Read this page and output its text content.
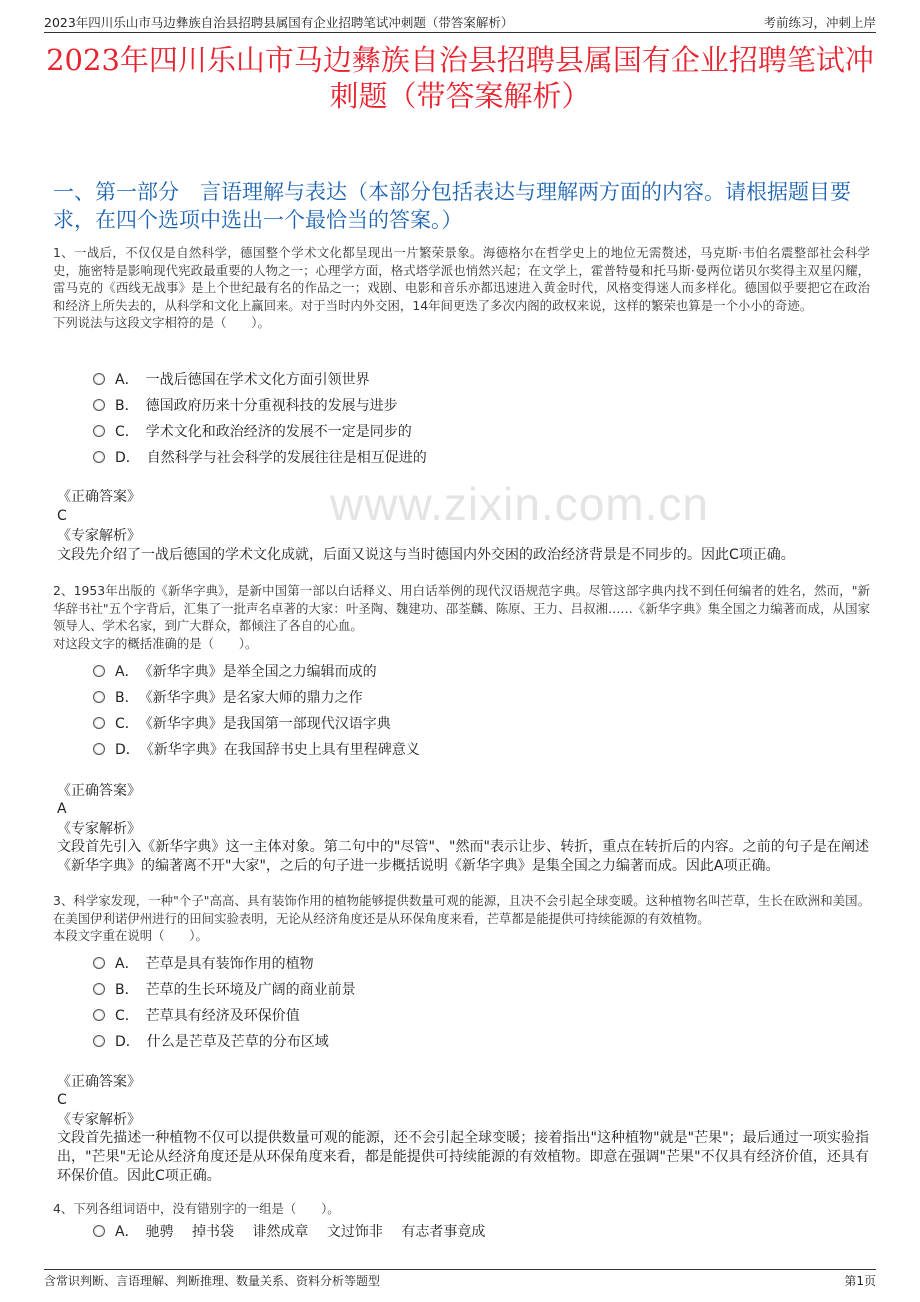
2023年四川乐山市马边彝族自治县招聘县属国有企业招聘笔试冲刺题（带答案解析）	考前练习，冲刺上岸
2023年四川乐山市马边彝族自治县招聘县属国有企业招聘笔试冲刺题（带答案解析）
一、第一部分　言语理解与表达（本部分包括表达与理解两方面的内容。请根据题目要求，在四个选项中选出一个最恰当的答案。）
www.zixin.com.cn
1、一战后，不仅仅是自然科学，德国整个学术文化都呈现出一片繁荣景象。海德格尔在哲学史上的地位无需赘述，马克斯·韦伯名震整部社会科学史，施密特是影响现代宪政最重要的人物之一；心理学方面，格式塔学派也悄然兴起；在文学上，霍普特曼和托马斯·曼两位诺贝尔奖得主双星闪耀，雷马克的《西线无战事》是上个世纪最有名的作品之一；戏剧、电影和音乐亦都迅速进入黄金时代，风格变得迷人而多样化。德国似乎要把它在政治和经济上所失去的，从科学和文化上赢回来。对于当时内外交困，14年间更迭了多次内阁的政权来说，这样的繁荣也算是一个小小的奇迹。
下列说法与这段文字相符的是（　　）。
A．　一战后德国在学术文化方面引领世界
B．　德国政府历来十分重视科技的发展与进步
C．　学术文化和政治经济的发展不一定是同步的
D．　自然科学与社会科学的发展往往是相互促进的
《正确答案》
C
《专家解析》
文段先介绍了一战后德国的学术文化成就，后面又说这与当时德国内外交困的政治经济背景是不同步的。因此C项正确。
2、1953年出版的《新华字典》，是新中国第一部以白话释义、用白话举例的现代汉语规范字典。尽管这部字典内找不到任何编者的姓名，然而，"新华辞书社"五个字背后，汇集了一批声名卓著的大家：叶圣陶、魏建功、邵荃麟、陈原、王力、吕叔湘……《新华字典》集全国之力编著而成，从国家领导人、学术名家，到广大群众，都倾注了各自的心血。
对这段文字的概括准确的是（　　）。
A．　《新华字典》是举全国之力编辑而成的
B．　《新华字典》是名家大师的鼎力之作
C．　《新华字典》是我国第一部现代汉语字典
D．　《新华字典》在我国辞书史上具有里程碑意义
《正确答案》
A
《专家解析》
文段首先引入《新华字典》这一主体对象。第二句中的"尽管"、"然而"表示让步、转折，重点在转折后的内容。之前的句子是在阐述《新华字典》的编著离不开"大家"，之后的句子进一步概括说明《新华字典》是集全国之力编著而成。因此A项正确。
3、科学家发现，一种"个子"高高、具有装饰作用的植物能够提供数量可观的能源，且决不会引起全球变暖。这种植物名叫芒草，生长在欧洲和美国。在美国伊利诺伊州进行的田间实验表明，无论从经济角度还是从环保角度来看，芒草都是能提供可持续能源的有效植物。
本段文字重在说明（　　）。
A．　芒草是具有装饰作用的植物
B．　芒草的生长环境及广阔的商业前景
C．　芒草具有经济及环保价值
D．　什么是芒草及芒草的分布区域
《正确答案》
C
《专家解析》
文段首先描述一种植物不仅可以提供数量可观的能源，还不会引起全球变暖；接着指出"这种植物"就是"芒果"；最后通过一项实验指出，"芒果"无论从经济角度还是从环保角度来看，都是能提供可持续能源的有效植物。即意在强调"芒果"不仅具有经济价值，还具有环保价值。因此C项正确。
4、下列各组词语中，没有错别字的一组是（　　）。
A．　驰骋　 掉书袋　 诽然成章　 文过饰非　 有志者事竟成
含常识判断、言语理解、判断推理、数量关系、资料分析等题型	第1页
